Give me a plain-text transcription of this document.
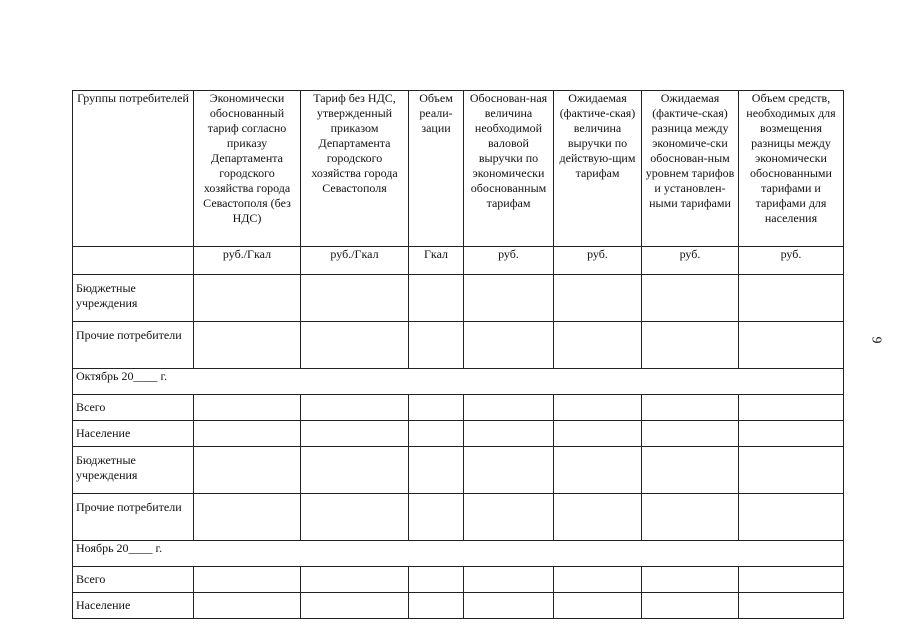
Группы потребителей	Экономически обоснованный тариф согласно приказу Департамента городского хозяйства города Севастополя (без НДС)	Тариф без НДС, утвержденный приказом Департамента городского хозяйства города Севастополя	Объем реали-зации	Обоснован-ная величина необходимой валовой выручки по экономически обоснованным тарифам	Ожидаемая (фактиче-ская) величина выручки по действую-щим тарифам	Ожидаемая (фактиче-ская) разница между экономиче-ски обоснован-ным уровнем тарифов и установлен-ными тарифами	Объем средств, необходимых для возмещения разницы между экономически обоснованными тарифами и тарифами для населения
	руб./Гкал	руб./Гкал	Гкал	руб.	руб.	руб.	руб.
Бюджетные учреждения							
Прочие потребители							
Октябрь 20____ г.							
Всего							
Население							
Бюджетные учреждения							
Прочие потребители							
Ноябрь 20____ г.							
Всего							
Население							
9
